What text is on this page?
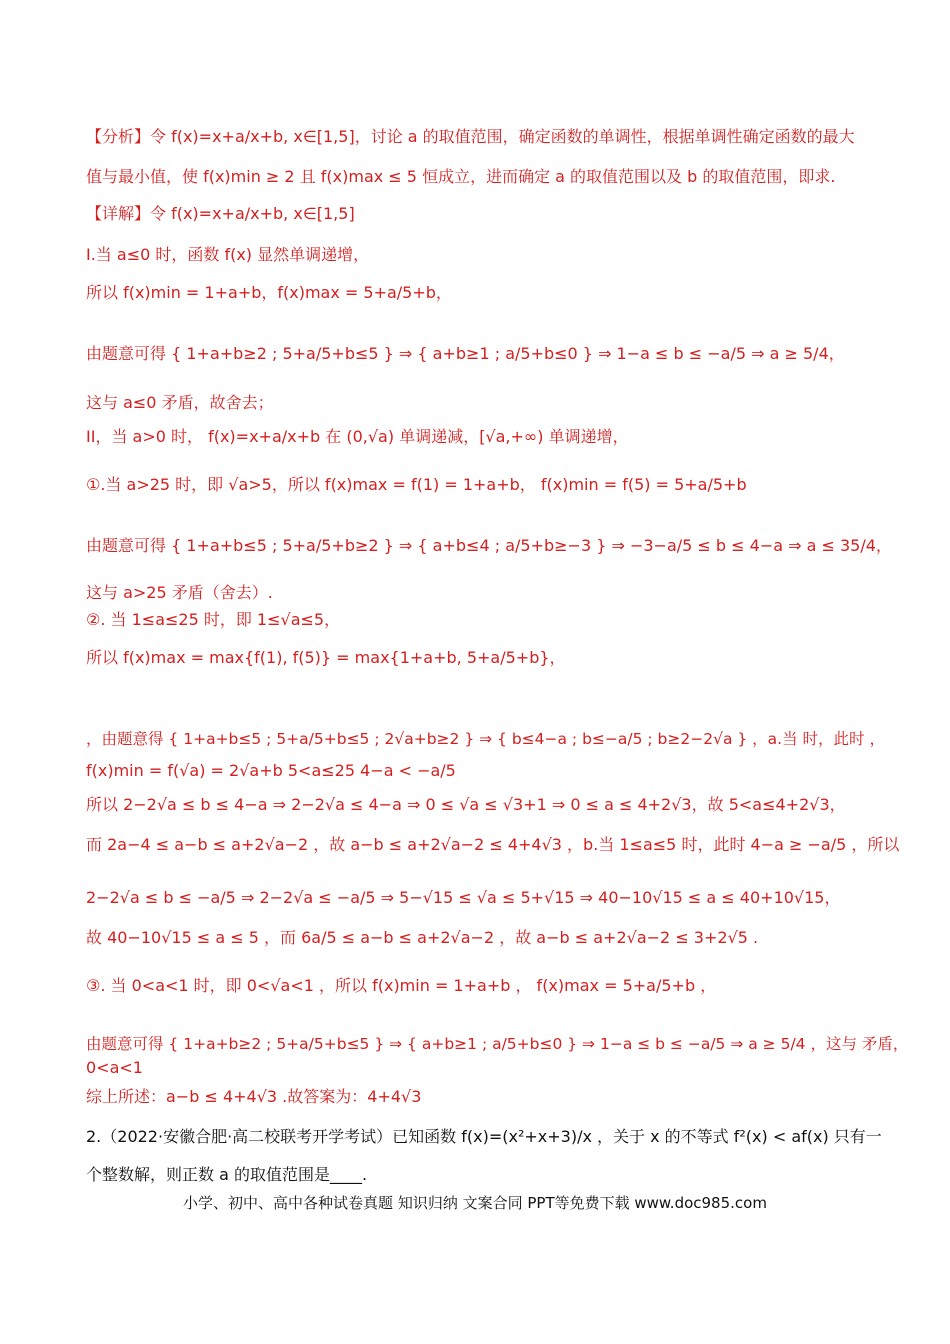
【分析】令 f(x)=x+a/x+b, x∈[1,5]，讨论 a 的取值范围，确定函数的单调性，根据单调性确定函数的最大
值与最小值，使 f(x)min ≥ 2 且 f(x)max ≤ 5 恒成立，进而确定 a 的取值范围以及 b 的取值范围，即求.
【详解】令 f(x)=x+a/x+b, x∈[1,5]
I.当 a≤0 时，函数 f(x) 显然单调递增，
所以 f(x)min = 1+a+b，f(x)max = 5+a/5+b，
由题意可得 { 1+a+b≥2 ; 5+a/5+b≤5 } ⇒ { a+b≥1 ; a/5+b≤0 } ⇒ 1−a ≤ b ≤ −a/5 ⇒ a ≥ 5/4，
这与 a≤0 矛盾，故舍去；
II，当 a>0 时， f(x)=x+a/x+b 在 (0,√a) 单调递减，[√a,+∞) 单调递增，
①.当 a>25 时，即 √a>5，所以 f(x)max = f(1) = 1+a+b， f(x)min = f(5) = 5+a/5+b
由题意可得 { 1+a+b≤5 ; 5+a/5+b≥2 } ⇒ { a+b≤4 ; a/5+b≥−3 } ⇒ −3−a/5 ≤ b ≤ 4−a ⇒ a ≤ 35/4，
这与 a>25 矛盾（舍去）.
②. 当 1≤a≤25 时，即 1≤√a≤5，
所以 f(x)max = max{f(1), f(5)} = max{1+a+b, 5+a/5+b}，
，由题意得 { 1+a+b≤5 ; 5+a/5+b≤5 ; 2√a+b≥2 } ⇒ { b≤4−a ; b≤−a/5 ; b≥2−2√a } ，a.当 时，此时 ，
f(x)min = f(√a) = 2√a+b 5<a≤25 4−a < −a/5
所以 2−2√a ≤ b ≤ 4−a ⇒ 2−2√a ≤ 4−a ⇒ 0 ≤ √a ≤ √3+1 ⇒ 0 ≤ a ≤ 4+2√3，故 5<a≤4+2√3，
而 2a−4 ≤ a−b ≤ a+2√a−2 ，故 a−b ≤ a+2√a−2 ≤ 4+4√3 ，b.当 1≤a≤5 时，此时 4−a ≥ −a/5 ，所以
2−2√a ≤ b ≤ −a/5 ⇒ 2−2√a ≤ −a/5 ⇒ 5−√15 ≤ √a ≤ 5+√15 ⇒ 40−10√15 ≤ a ≤ 40+10√15，
故 40−10√15 ≤ a ≤ 5 ，而 6a/5 ≤ a−b ≤ a+2√a−2 ，故 a−b ≤ a+2√a−2 ≤ 3+2√5 .
③. 当 0<a<1 时，即 0<√a<1 ，所以 f(x)min = 1+a+b ， f(x)max = 5+a/5+b ，
由题意可得 { 1+a+b≥2 ; 5+a/5+b≤5 } ⇒ { a+b≥1 ; a/5+b≤0 } ⇒ 1−a ≤ b ≤ −a/5 ⇒ a ≥ 5/4 ，这与 矛盾，
0<a<1
综上所述：a−b ≤ 4+4√3 .故答案为：4+4√3
2.（2022·安徽合肥·高二校联考开学考试）已知函数 f(x)=(x²+x+3)/x ，关于 x 的不等式 f²(x) < af(x) 只有一
个整数解，则正数 a 的取值范围是____.
小学、初中、高中各种试卷真题 知识归纳 文案合同 PPT等免费下载 www.doc985.com
